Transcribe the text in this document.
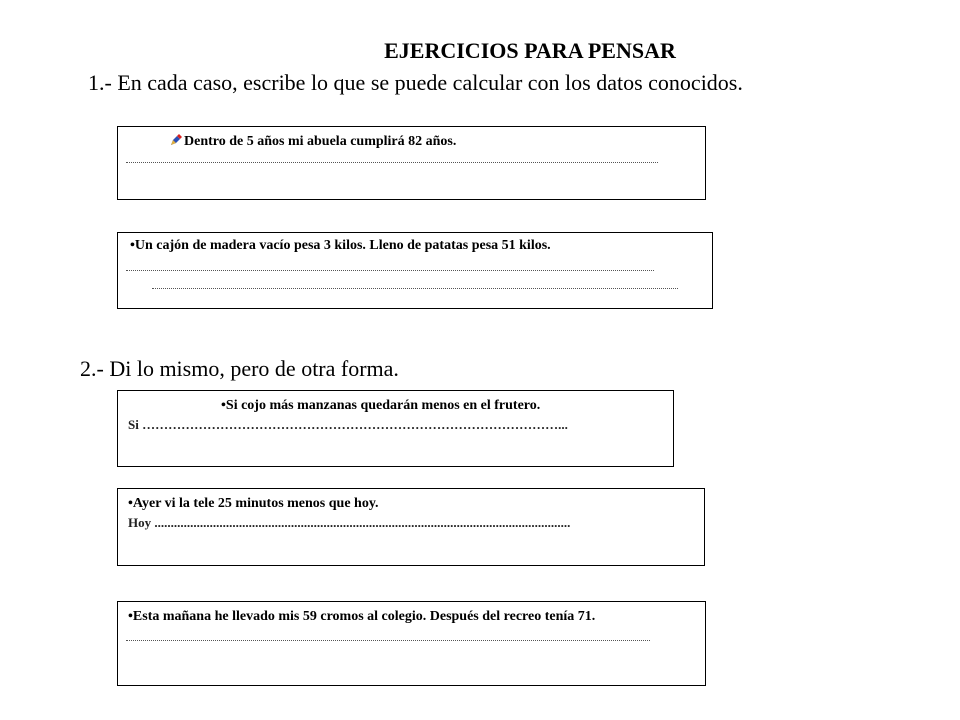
EJERCICIOS PARA PENSAR
1.- En cada caso, escribe lo que se puede calcular con los datos conocidos.
Dentro de 5 años mi abuela cumplirá 82 años.
•Un cajón de madera vacío pesa 3 kilos. Lleno de patatas pesa 51 kilos.
2.- Di lo mismo, pero de otra forma.
•Si cojo más manzanas quedarán menos en el frutero.
Si ……………………………………………………………………………………...
•Ayer vi la tele 25 minutos menos que hoy.
Hoy ................................................................................................................................
•Esta mañana he llevado mis 59 cromos al colegio. Después del recreo tenía 71.
